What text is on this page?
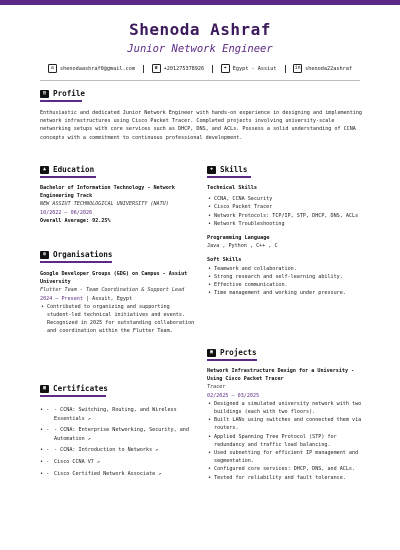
Shenoda Ashraf
Junior Network Engineer
✉	shenodaashraf0@gmail.com	☎	+201275378926	⌖	Egypt - Assiut	in shenoda22ashraf
▤ Profile
Enthusiastic and dedicated Junior Network Engineer with hands-on experience in designing and implementing network infrastructures using Cisco Packet Tracer. Completed projects involving university-scale networking setups with core services such as DHCP, DNS, and ACLs. Possess a solid understanding of CCNA concepts with a commitment to continuous professional development.
▲ Education
Bachelor of Information Technology - Network Engineering Track
NEW ASSIUT TECHNOLOGICAL UNIVERSITY (NATU)
10/2022 – 06/2026
Overall Average: 92.25%
◍ Organisations
Google Developer Groups (GDG) on Campus - Assiut University
Flutter Team - Team Coordination & Support Lead
2024 – Present | Assuit, Egypt
• Contributed to organizing and supporting student-led technical initiatives and events. Recognized in 2025 for outstanding collaboration and coordination within the Flutter Team.
▦ Certificates
• - - CCNA: Switching, Routing, and Wireless Essentials ↗
• - - CCNA: Enterprise Networking, Security, and Automation ↗
• - - CCNA: Introduction to Networks ↗
• - Cisco CCNA V7 ↗
• - Cisco Certified Network Associate ↗
✚ Skills
Technical Skills
• CCNA, CCNA Security
• Cisco Packet Tracer
• Network Protocols: TCP/IP, STP, DHCP, DNS, ACLs
• Network Troubleshooting
Programming Language
Java , Python , C++ , C
Soft Skills
• Teamwork and collaboration.
• Strong research and self-learning ability.
• Effective communication.
• Time management and working under pressure.
▣ Projects
Network Infrastructure Design for a University - Using Cisco Packet Tracer
Tracer
02/2025 – 03/2025
• Designed a simulated university network with two buildings (each with two floors).
• Built LANs using switches and connected them via routers.
• Applied Spanning Tree Protocol (STP) for redundancy and traffic load balancing.
• Used subnetting for efficient IP management and segmentation.
• Configured core services: DHCP, DNS, and ACLs.
• Tested for reliability and fault tolerance.
